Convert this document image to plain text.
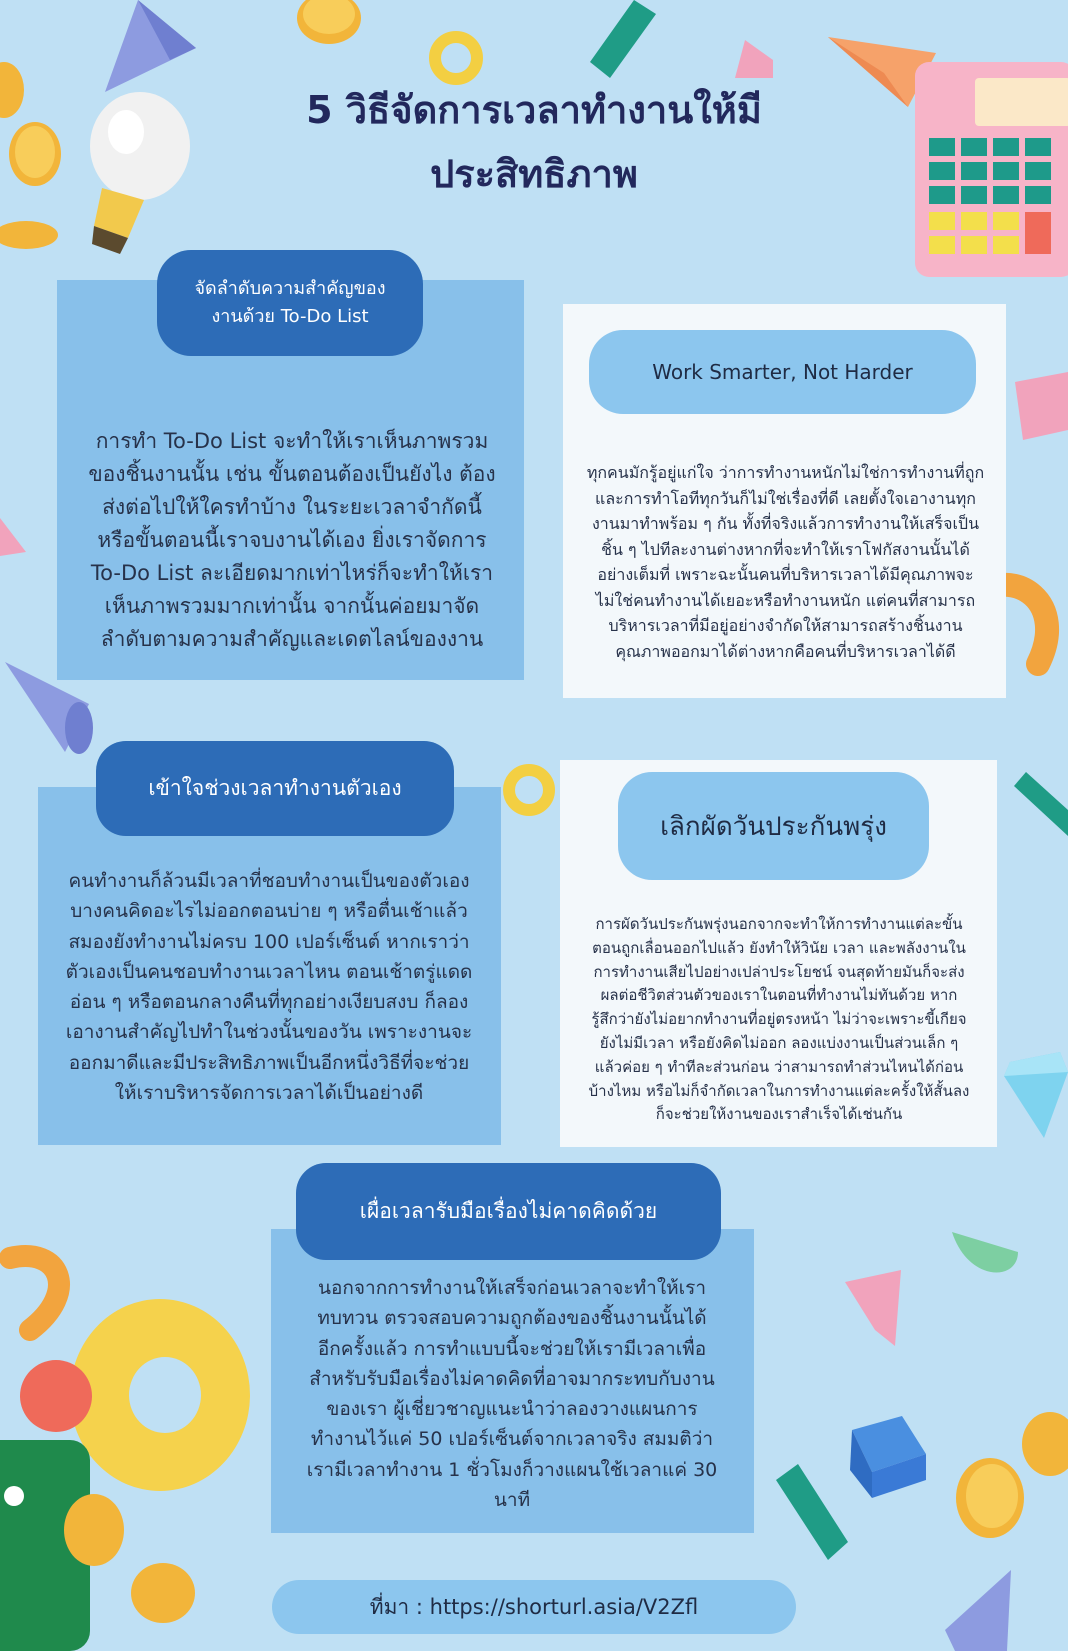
5 วิธีจัดการเวลาทำงานให้มี
ประสิทธิภาพ
จัดลำดับความสำคัญของ
งานด้วย To-Do List

การทำ To-Do List จะทำให้เราเห็นภาพรวมของชิ้นงานนั้น เช่น ขั้นตอนต้องเป็นยังไง ต้องส่งต่อไปให้ใครทำบ้าง ในระยะเวลาจำกัดนี้ หรือขั้นตอนนี้เราจบงานได้เอง ยิ่งเราจัดการ To-Do List ละเอียดมากเท่าไหร่ก็จะทำให้เราเห็นภาพรวมมากเท่านั้น จากนั้นค่อยมาจัดลำดับตามความสำคัญและเดตไลน์ของงาน

Work Smarter, Not Harder

ทุกคนมักรู้อยู่แก่ใจ ว่าการทำงานหนักไม่ใช่การทำงานที่ถูกและการทำโอทีทุกวันก็ไม่ใช่เรื่องที่ดี เลยตั้งใจเอางานทุกงานมาทำพร้อม ๆ กัน ทั้งที่จริงแล้วการทำงานให้เสร็จเป็นชิ้น ๆ ไปทีละงานต่างหากที่จะทำให้เราโฟกัสงานนั้นได้อย่างเต็มที่ เพราะฉะนั้นคนที่บริหารเวลาได้มีคุณภาพจะไม่ใช่คนทำงานได้เยอะหรือทำงานหนัก แต่คนที่สามารถบริหารเวลาที่มีอยู่อย่างจำกัดให้สามารถสร้างชิ้นงานคุณภาพออกมาได้ต่างหากคือคนที่บริหารเวลาได้ดี

เข้าใจช่วงเวลาทำงานตัวเอง

คนทำงานก็ล้วนมีเวลาที่ชอบทำงานเป็นของตัวเอง บางคนคิดอะไรไม่ออกตอนบ่าย ๆ หรือตื่นเช้าแล้วสมองยังทำงานไม่ครบ 100 เปอร์เซ็นต์ หากเราว่าตัวเองเป็นคนชอบทำงานเวลาไหน ตอนเช้าตรู่แดดอ่อน ๆ หรือตอนกลางคืนที่ทุกอย่างเงียบสงบ ก็ลองเอางานสำคัญไปทำในช่วงนั้นของวัน เพราะงานจะออกมาดีและมีประสิทธิภาพเป็นอีกหนึ่งวิธีที่จะช่วยให้เราบริหารจัดการเวลาได้เป็นอย่างดี

เลิกผัดวันประกันพรุ่ง

การผัดวันประกันพรุ่งนอกจากจะทำให้การทำงานแต่ละขั้นตอนถูกเลื่อนออกไปแล้ว ยังทำให้วินัย เวลา และพลังงานในการทำงานเสียไปอย่างเปล่าประโยชน์ จนสุดท้ายมันก็จะส่งผลต่อชีวิตส่วนตัวของเราในตอนที่ทำงานไม่ทันด้วย หากรู้สึกว่ายังไม่อยากทำงานที่อยู่ตรงหน้า ไม่ว่าจะเพราะขี้เกียจ ยังไม่มีเวลา หรือยังคิดไม่ออก ลองแบ่งงานเป็นส่วนเล็ก ๆ แล้วค่อย ๆ ทำทีละส่วนก่อน ว่าสามารถทำส่วนไหนได้ก่อนบ้างไหม หรือไม่ก็จำกัดเวลาในการทำงานแต่ละครั้งให้สั้นลงก็จะช่วยให้งานของเราสำเร็จได้เช่นกัน

เผื่อเวลารับมือเรื่องไม่คาดคิดด้วย

นอกจากการทำงานให้เสร็จก่อนเวลาจะทำให้เราทบทวน ตรวจสอบความถูกต้องของชิ้นงานนั้นได้อีกครั้งแล้ว การทำแบบนี้จะช่วยให้เรามีเวลาเพื่อสำหรับรับมือเรื่องไม่คาดคิดที่อาจมากระทบกับงานของเรา ผู้เชี่ยวชาญแนะนำว่าลองวางแผนการทำงานไว้แค่ 50 เปอร์เซ็นต์จากเวลาจริง สมมติว่าเรามีเวลาทำงาน 1 ชั่วโมงก็วางแผนใช้เวลาแค่ 30 นาที

ที่มา : https://shorturl.asia/V2Zfl
